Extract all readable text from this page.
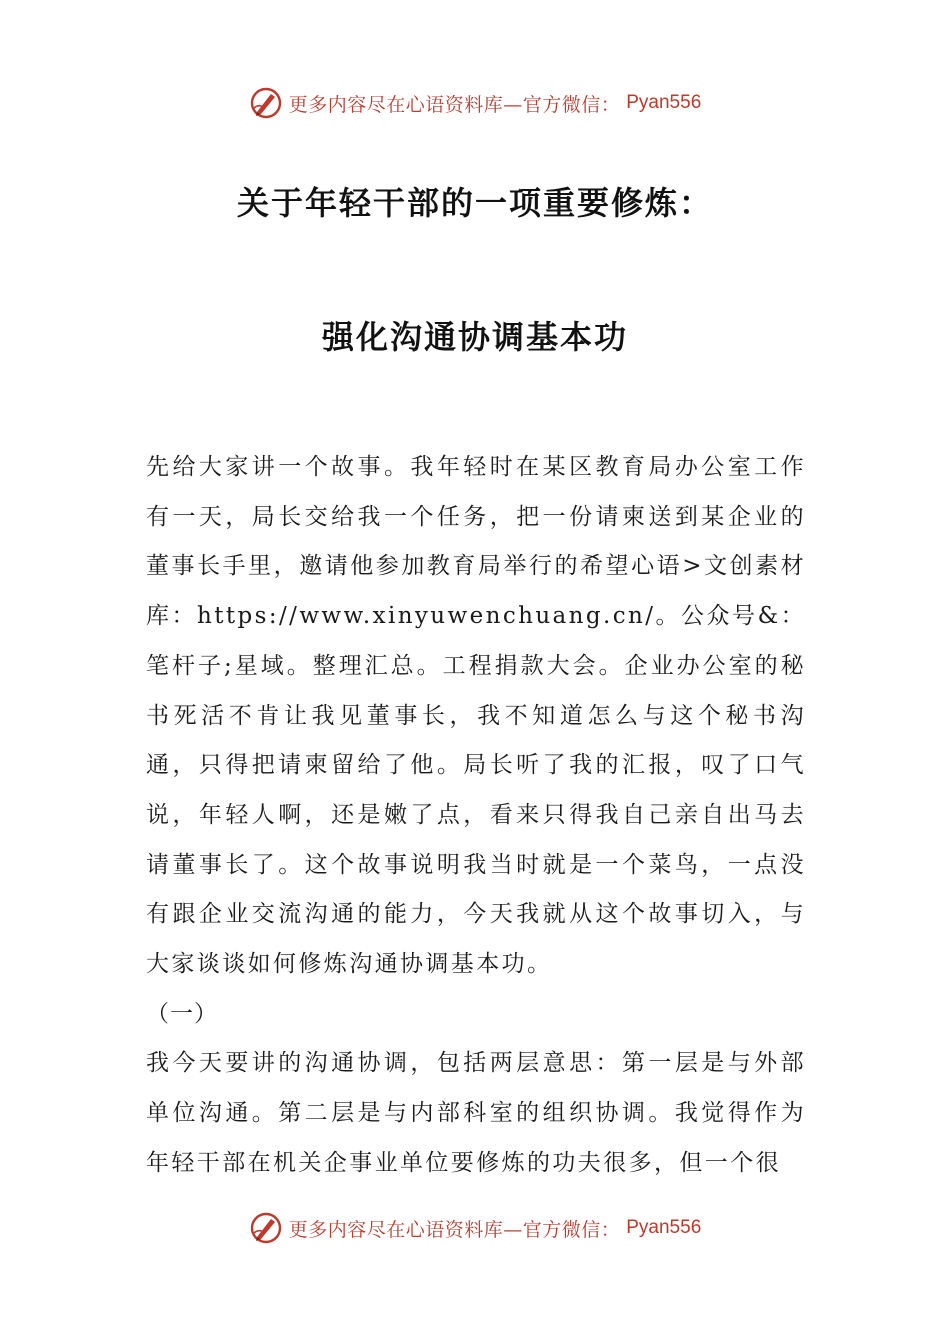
更多内容尽在心语资料库—官方微信： Pyan556
关于年轻干部的一项重要修炼：
强化沟通协调基本功

先给大家讲一个故事。我年轻时在某区教育局办公室工作有一天，局长交给我一个任务，把一份请柬送到某企业的董事长手里，邀请他参加教育局举行的希望心语>文创素材库：https://www.xinyuwenchuang.cn/。公众号&：笔杆子;星域。整理汇总。工程捐款大会。企业办公室的秘书死活不肯让我见董事长，我不知道怎么与这个秘书沟通，只得把请柬留给了他。局长听了我的汇报，叹了口气说，年轻人啊，还是嫩了点，看来只得我自己亲自出马去请董事长了。这个故事说明我当时就是一个菜鸟，一点没有跟企业交流沟通的能力，今天我就从这个故事切入，与大家谈谈如何修炼沟通协调基本功。

（一）

我今天要讲的沟通协调，包括两层意思：第一层是与外部单位沟通。第二层是与内部科室的组织协调。我觉得作为年轻干部在机关企事业单位要修炼的功夫很多，但一个很

更多内容尽在心语资料库—官方微信： Pyan556
